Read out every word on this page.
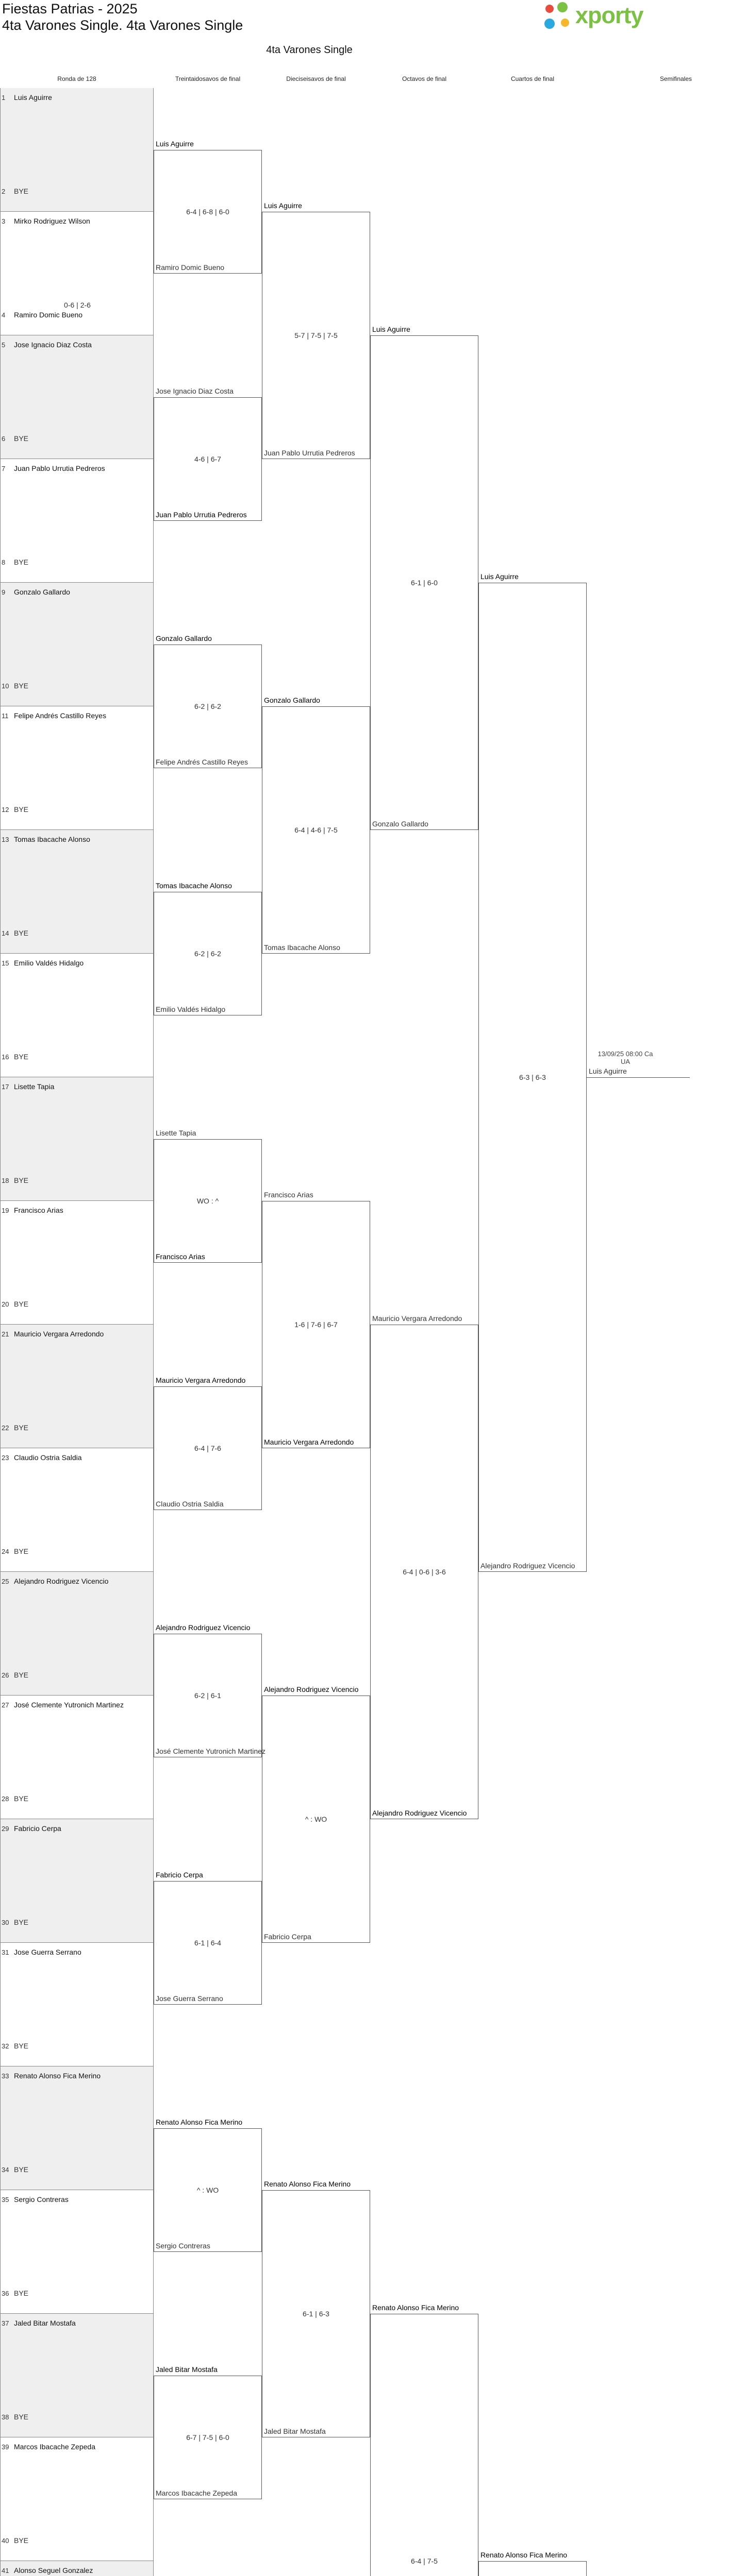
Fiestas Patrias - 2025
4ta Varones Single. 4ta Varones Single
4ta Varones Single
xporty
Ronda de 128	Treintaidosavos de final	Dieciseisavos de final	Octavos de final	Cuartos de final	Semifinales
1 Luis Aguirre
2 BYE
3 Mirko Rodriguez Wilson
4 Ramiro Domic Bueno
0-6 | 2-6
5 Jose Ignacio Diaz Costa
6 BYE
7 Juan Pablo Urrutia Pedreros
8 BYE
9 Gonzalo Gallardo
10 BYE
11 Felipe Andrés Castillo Reyes
12 BYE
13 Tomas Ibacache Alonso
14 BYE
15 Emilio Valdés Hidalgo
16 BYE
17 Lisette Tapia
18 BYE
19 Francisco Arias
20 BYE
21 Mauricio Vergara Arredondo
22 BYE
23 Claudio Ostria Saldia
24 BYE
25 Alejandro Rodriguez Vicencio
26 BYE
27 José Clemente Yutronich Martinez
28 BYE
29 Fabricio Cerpa
30 BYE
31 Jose Guerra Serrano
32 BYE
33 Renato Alonso Fica Merino
34 BYE
35 Sergio Contreras
36 BYE
37 Jaled Bitar Mostafa
38 BYE
39 Marcos Ibacache Zepeda
40 BYE
41 Alonso Seguel Gonzalez
Luis Aguirre
Ramiro Domic Bueno
6-4 | 6-8 | 6-0
Jose Ignacio Diaz Costa
Juan Pablo Urrutia Pedreros
4-6 | 6-7
Gonzalo Gallardo
Felipe Andrés Castillo Reyes
6-2 | 6-2
Tomas Ibacache Alonso
Emilio Valdés Hidalgo
6-2 | 6-2
Lisette Tapia
Francisco Arias
WO : ^
Mauricio Vergara Arredondo
Claudio Ostria Saldia
6-4 | 7-6
Alejandro Rodriguez Vicencio
José Clemente Yutronich Martinez
6-2 | 6-1
Fabricio Cerpa
Jose Guerra Serrano
6-1 | 6-4
Renato Alonso Fica Merino
Sergio Contreras
^ : WO
Jaled Bitar Mostafa
Marcos Ibacache Zepeda
6-7 | 7-5 | 6-0
Luis Aguirre
Juan Pablo Urrutia Pedreros
5-7 | 7-5 | 7-5
Gonzalo Gallardo
Tomas Ibacache Alonso
6-4 | 4-6 | 7-5
Francisco Arias
Mauricio Vergara Arredondo
1-6 | 7-6 | 6-7
Alejandro Rodriguez Vicencio
Fabricio Cerpa
^ : WO
Renato Alonso Fica Merino
Jaled Bitar Mostafa
6-1 | 6-3
Luis Aguirre
Gonzalo Gallardo
6-1 | 6-0
Mauricio Vergara Arredondo
Alejandro Rodriguez Vicencio
6-4 | 0-6 | 3-6
Renato Alonso Fica Merino
6-4 | 7-5
Luis Aguirre
Alejandro Rodriguez Vicencio
6-3 | 6-3
Renato Alonso Fica Merino
Luis Aguirre
13/09/25 08:00 Ca
UA
